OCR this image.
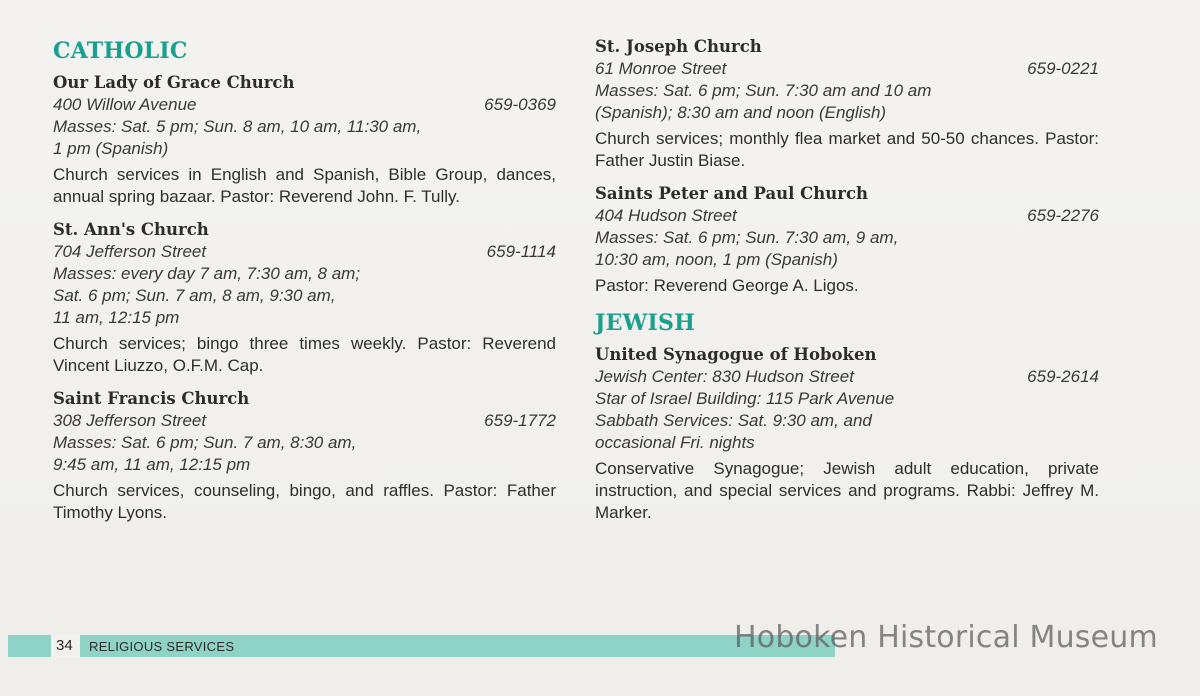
CATHOLIC
Our Lady of Grace Church
400 Willow Avenue	659-0369
Masses: Sat. 5 pm; Sun. 8 am, 10 am, 11:30 am,
1 pm (Spanish)
Church services in English and Spanish, Bible Group, dances, annual spring bazaar. Pastor: Reverend John. F. Tully.
St. Ann's Church
704 Jefferson Street	659-1114
Masses: every day 7 am, 7:30 am, 8 am;
Sat. 6 pm; Sun. 7 am, 8 am, 9:30 am,
11 am, 12:15 pm
Church services; bingo three times weekly. Pastor: Reverend Vincent Liuzzo, O.F.M. Cap.
Saint Francis Church
308 Jefferson Street	659-1772
Masses: Sat. 6 pm; Sun. 7 am, 8:30 am,
9:45 am, 11 am, 12:15 pm
Church services, counseling, bingo, and raffles. Pastor: Father Timothy Lyons.
St. Joseph Church
61 Monroe Street	659-0221
Masses: Sat. 6 pm; Sun. 7:30 am and 10 am
(Spanish); 8:30 am and noon (English)
Church services; monthly flea market and 50-50 chances. Pastor: Father Justin Biase.
Saints Peter and Paul Church
404 Hudson Street	659-2276
Masses: Sat. 6 pm; Sun. 7:30 am, 9 am,
10:30 am, noon, 1 pm (Spanish)
Pastor: Reverend George A. Ligos.
JEWISH
United Synagogue of Hoboken
Jewish Center: 830 Hudson Street	659-2614
Star of Israel Building: 115 Park Avenue
Sabbath Services: Sat. 9:30 am, and
occasional Fri. nights
Conservative Synagogue; Jewish adult education, private instruction, and special services and programs. Rabbi: Jeffrey M. Marker.
34 RELIGIOUS SERVICES	Hoboken Historical Museum
